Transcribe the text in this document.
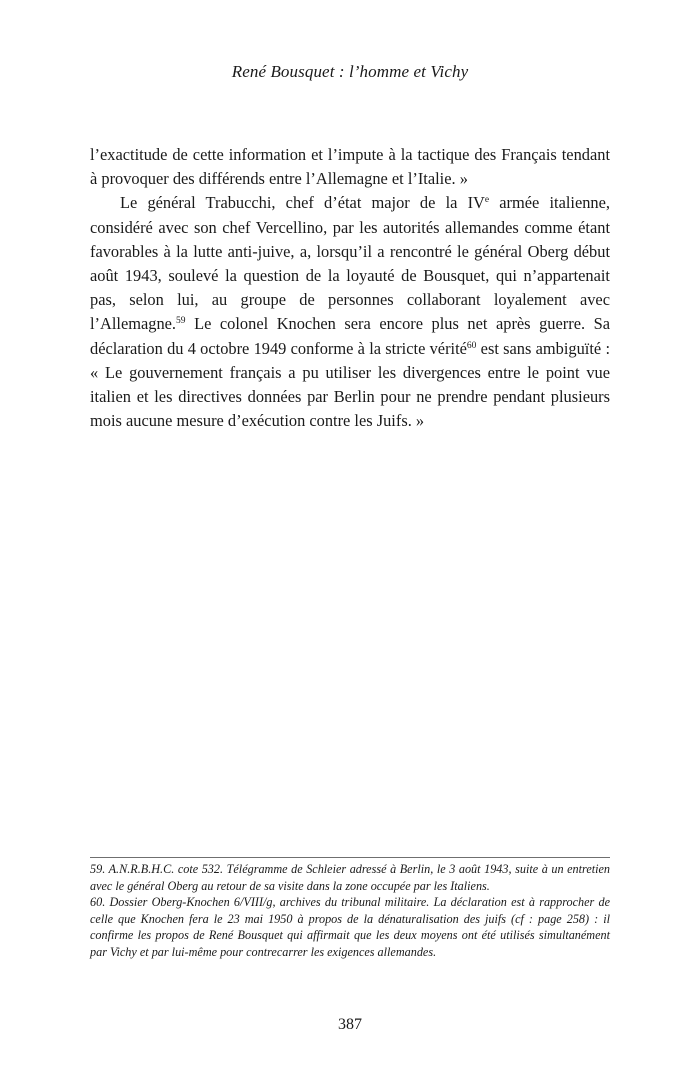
René Bousquet : l’homme et Vichy

l’exactitude de cette information et l’impute à la tactique des Français tendant à provoquer des différends entre l’Allemagne et l’Italie. »

Le général Trabucchi, chef d’état major de la IVe armée italienne, considéré avec son chef Vercellino, par les autorités allemandes comme étant favorables à la lutte anti-juive, a, lorsqu’il a rencontré le général Oberg début août 1943, soulevé la question de la loyauté de Bousquet, qui n’appartenait pas, selon lui, au groupe de personnes collaborant loyalement avec l’Allemagne.$^{59}$ Le colonel Knochen sera encore plus net après guerre. Sa déclaration du 4 octobre 1949 conforme à la stricte vérité$^{60}$ est sans ambiguïté : « Le gouvernement français a pu utiliser les divergences entre le point vue italien et les directives données par Berlin pour ne prendre pendant plusieurs mois aucune mesure d’exécution contre les Juifs. »

59. A.N.R.B.H.C. cote 532. Télégramme de Schleier adressé à Berlin, le 3 août 1943, suite à un entretien avec le général Oberg au retour de sa visite dans la zone occupée par les Italiens.

60. Dossier Oberg-Knochen 6/VIII/g, archives du tribunal militaire. La déclaration est à rapprocher de celle que Knochen fera le 23 mai 1950 à propos de la dénaturalisation des juifs (cf : page 258) : il confirme les propos de René Bousquet qui affirmait que les deux moyens ont été utilisés simultanément par Vichy et par lui-même pour contrecarrer les exigences allemandes.

387
